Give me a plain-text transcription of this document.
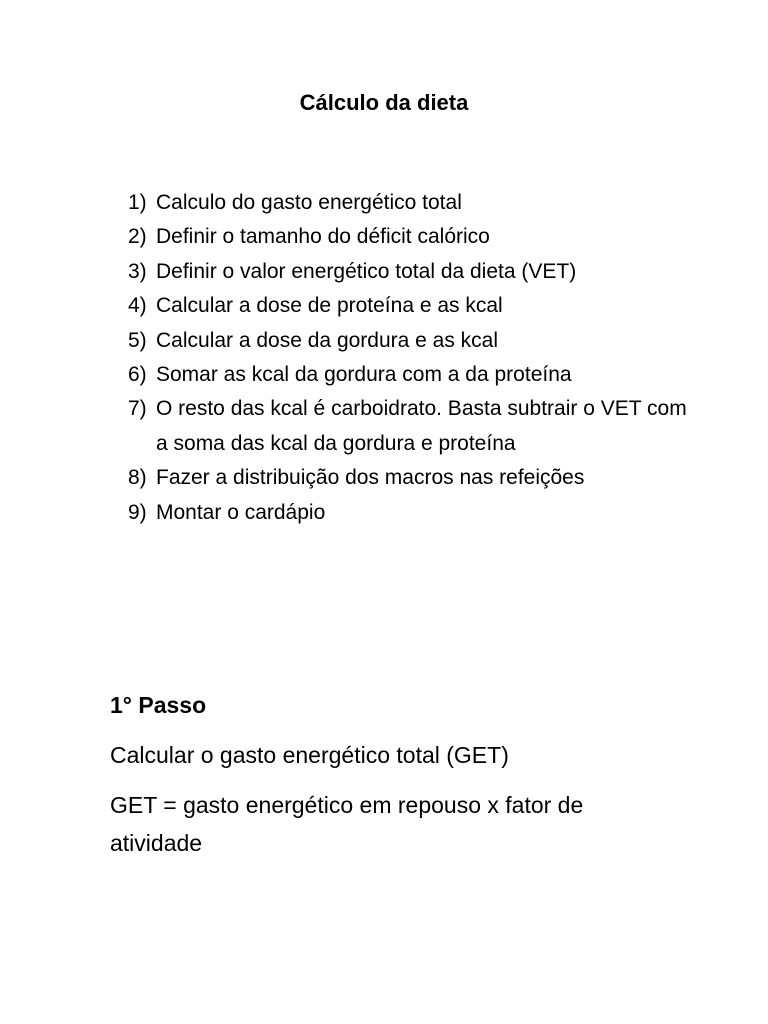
Cálculo da dieta
1) Calculo do gasto energético total
2) Definir o tamanho do déficit calórico
3) Definir o valor energético total da dieta (VET)
4) Calcular a dose de proteína e as kcal
5) Calcular a dose da gordura e as kcal
6) Somar as kcal da gordura com a da proteína
7) O resto das kcal é carboidrato. Basta subtrair o VET com a soma das kcal da gordura e proteína
8) Fazer a distribuição dos macros nas refeições
9) Montar o cardápio
1° Passo
Calcular o gasto energético total (GET)
GET = gasto energético em repouso x fator de atividade
